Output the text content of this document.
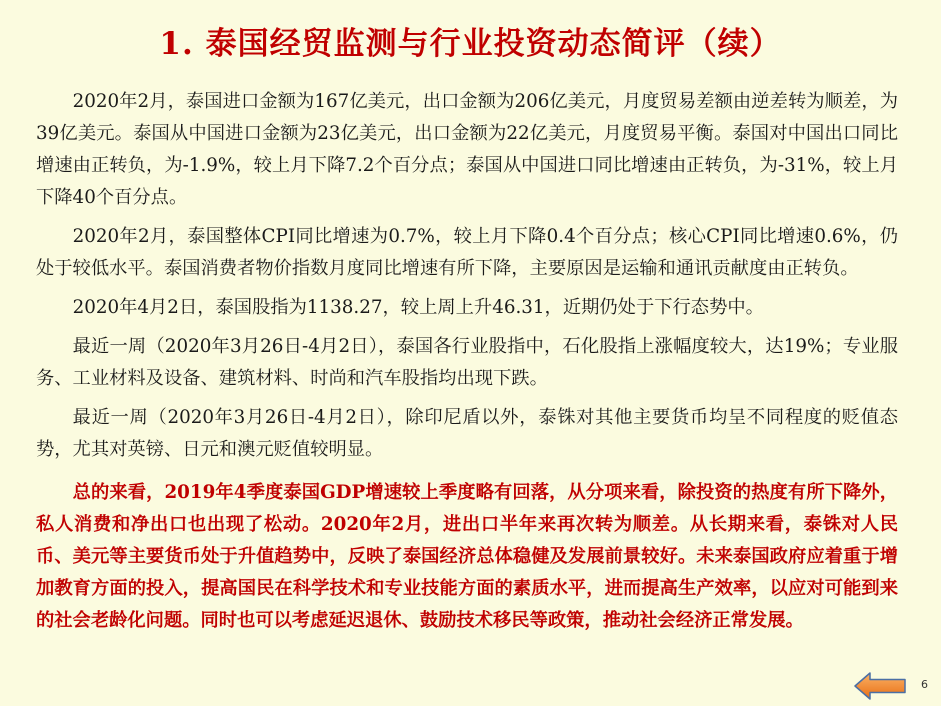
1. 泰国经贸监测与行业投资动态简评（续）

2020年2月，泰国进口金额为167亿美元，出口金额为206亿美元，月度贸易差额由逆差转为顺差，为39亿美元。泰国从中国进口金额为23亿美元，出口金额为22亿美元，月度贸易平衡。泰国对中国出口同比增速由正转负，为-1.9%，较上月下降7.2个百分点；泰国从中国进口同比增速由正转负，为-31%，较上月下降40个百分点。

2020年2月，泰国整体CPI同比增速为0.7%，较上月下降0.4个百分点；核心CPI同比增速0.6%，仍处于较低水平。泰国消费者物价指数月度同比增速有所下降，主要原因是运输和通讯贡献度由正转负。

2020年4月2日，泰国股指为1138.27，较上周上升46.31，近期仍处于下行态势中。

最近一周（2020年3月26日-4月2日），泰国各行业股指中，石化股指上涨幅度较大，达19%；专业服务、工业材料及设备、建筑材料、时尚和汽车股指均出现下跌。

最近一周（2020年3月26日-4月2日），除印尼盾以外，泰铢对其他主要货币均呈不同程度的贬值态势，尤其对英镑、日元和澳元贬值较明显。

总的来看，2019年4季度泰国GDP增速较上季度略有回落，从分项来看，除投资的热度有所下降外，私人消费和净出口也出现了松动。2020年2月，进出口半年来再次转为顺差。从长期来看，泰铢对人民币、美元等主要货币处于升值趋势中，反映了泰国经济总体稳健及发展前景较好。未来泰国政府应着重于增加教育方面的投入，提高国民在科学技术和专业技能方面的素质水平，进而提高生产效率，以应对可能到来的社会老龄化问题。同时也可以考虑延迟退休、鼓励技术移民等政策，推动社会经济正常发展。

6
